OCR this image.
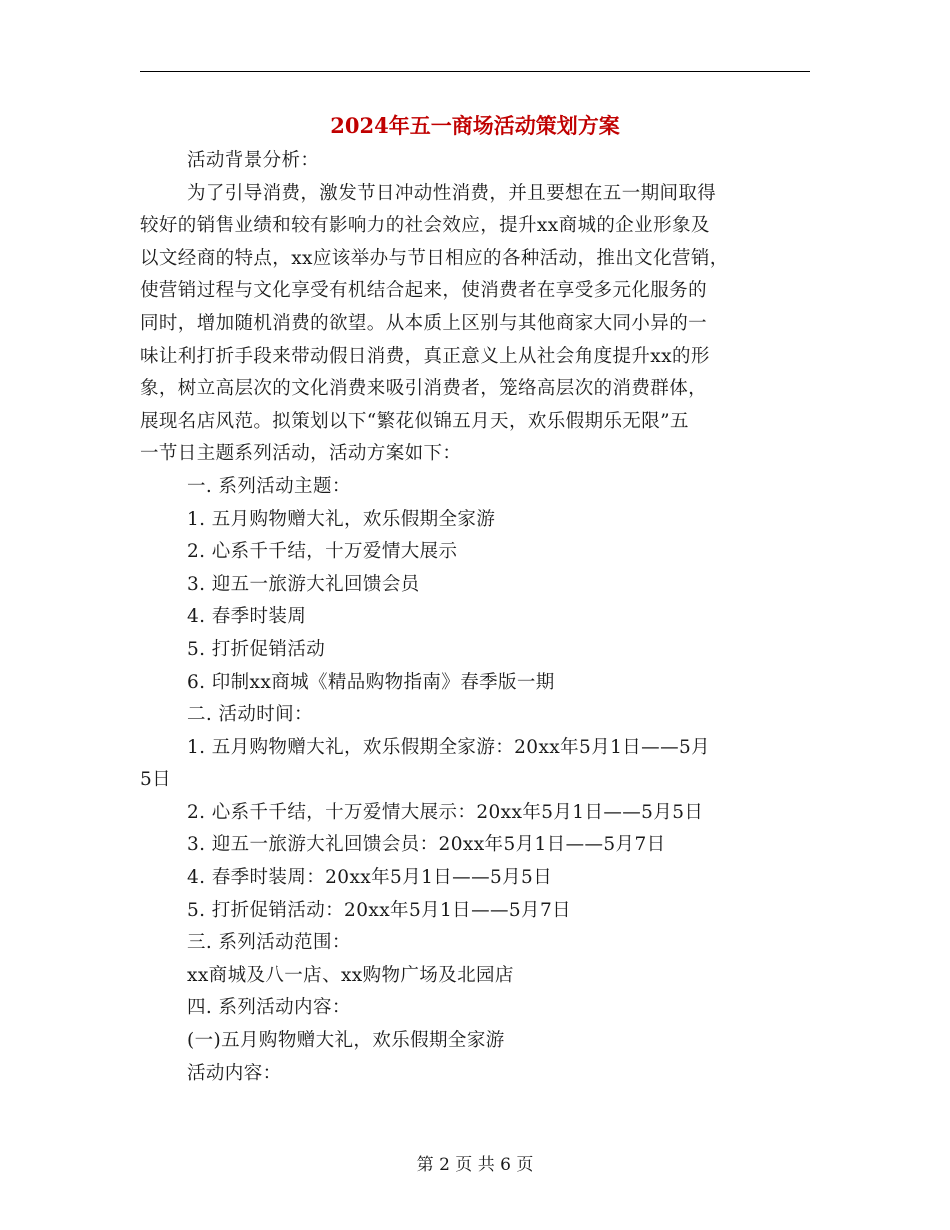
2024年五一商场活动策划方案
活动背景分析：
为了引导消费，激发节日冲动性消费，并且要想在五一期间取得
较好的销售业绩和较有影响力的社会效应，提升xx商城的企业形象及
以文经商的特点，xx应该举办与节日相应的各种活动，推出文化营销，
使营销过程与文化享受有机结合起来，使消费者在享受多元化服务的
同时，增加随机消费的欲望。从本质上区别与其他商家大同小异的一
味让利打折手段来带动假日消费，真正意义上从社会角度提升xx的形
象，树立高层次的文化消费来吸引消费者，笼络高层次的消费群体，
展现名店风范。拟策划以下“繁花似锦五月天，欢乐假期乐无限”五
一节日主题系列活动，活动方案如下：
一. 系列活动主题：
1. 五月购物赠大礼，欢乐假期全家游
2. 心系千千结，十万爱情大展示
3. 迎五一旅游大礼回馈会员
4. 春季时装周
5. 打折促销活动
6. 印制xx商城《精品购物指南》春季版一期
二. 活动时间：
1. 五月购物赠大礼，欢乐假期全家游：20xx年5月1日——5月
5日
2. 心系千千结，十万爱情大展示：20xx年5月1日——5月5日
3. 迎五一旅游大礼回馈会员：20xx年5月1日——5月7日
4. 春季时装周：20xx年5月1日——5月5日
5. 打折促销活动：20xx年5月1日——5月7日
三. 系列活动范围：
xx商城及八一店、xx购物广场及北园店
四. 系列活动内容：
(一)五月购物赠大礼，欢乐假期全家游
活动内容：
第 2 页 共 6 页
